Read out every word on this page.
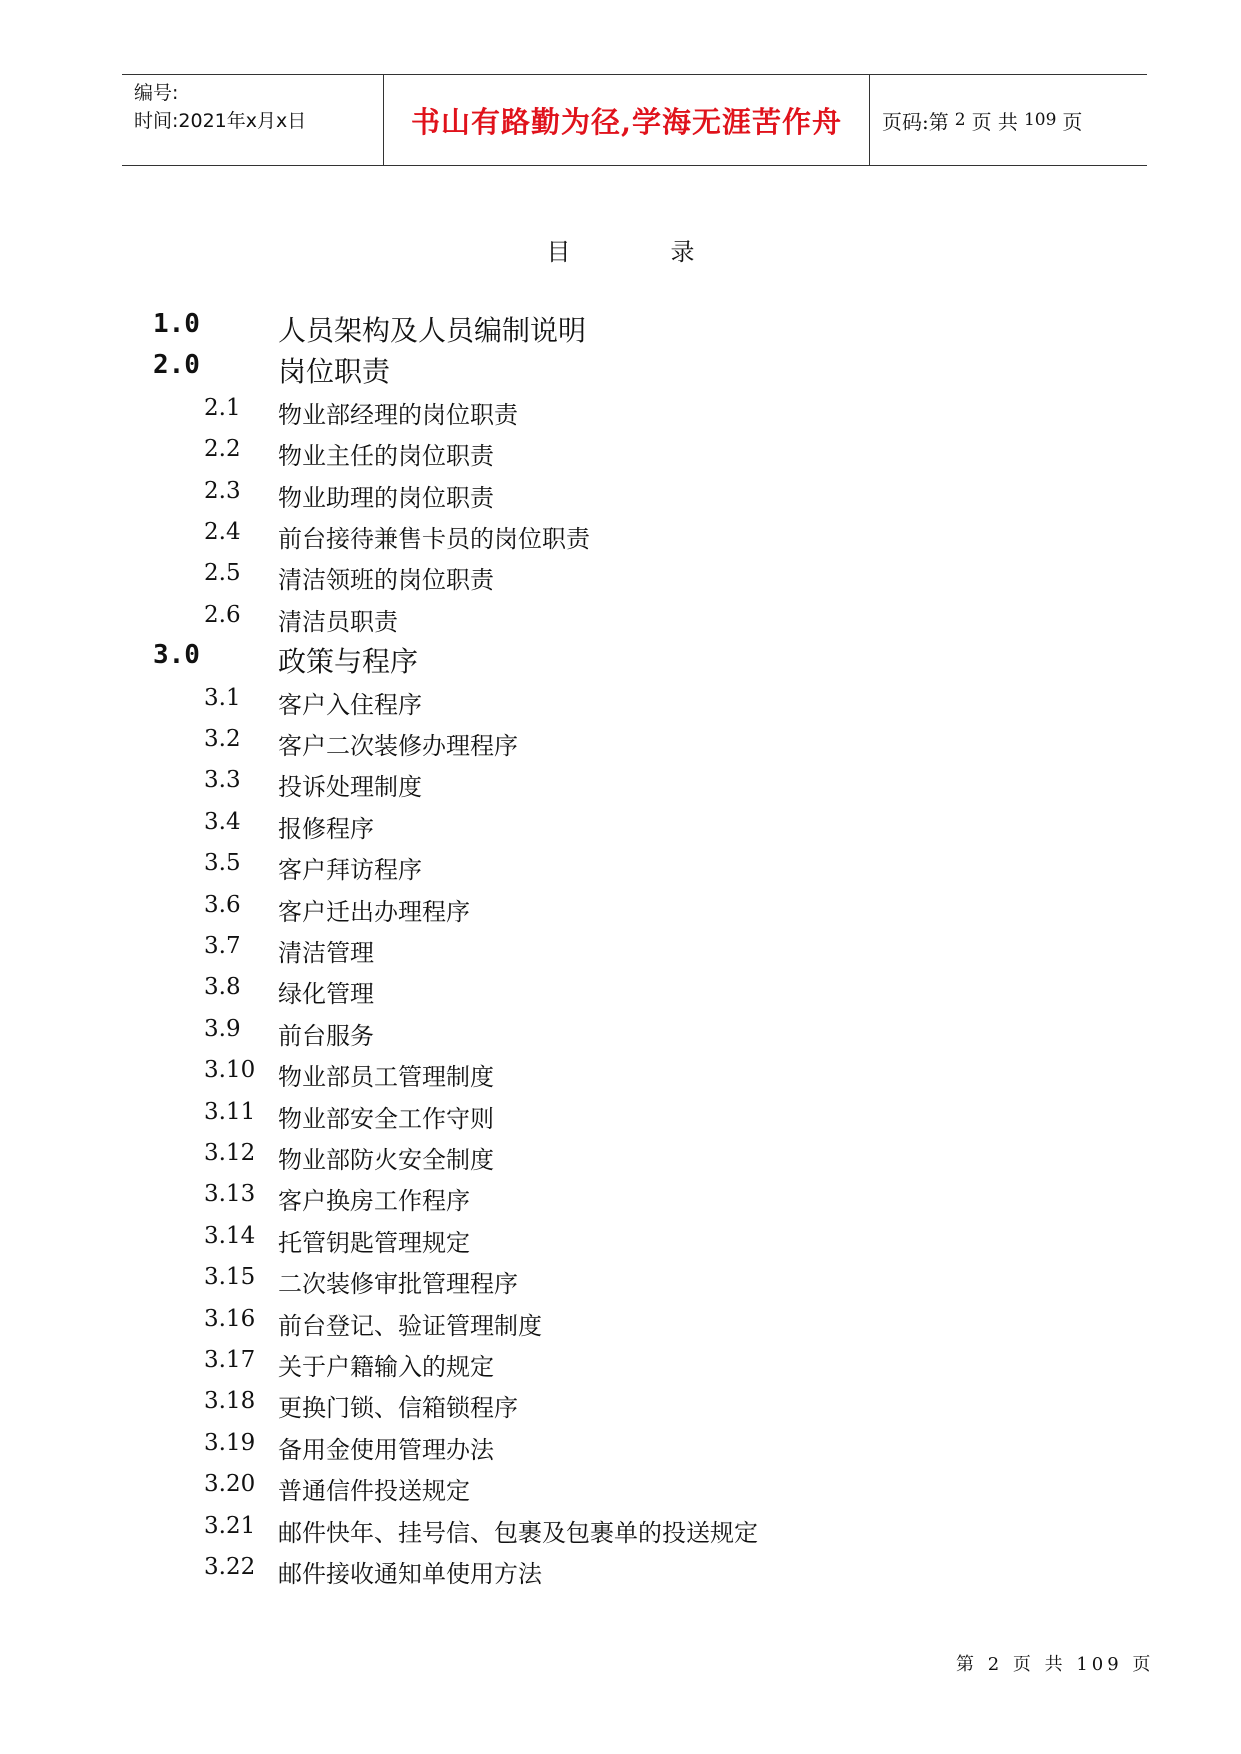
编号:
时间:2021年x月x日	书山有路勤为径,学海无涯苦作舟	页码:第 2 页 共 109 页
目	录
1.0	人员架构及人员编制说明
2.0	岗位职责
2.1 物业部经理的岗位职责
2.2 物业主任的岗位职责
2.3 物业助理的岗位职责
2.4 前台接待兼售卡员的岗位职责
2.5 清洁领班的岗位职责
2.6 清洁员职责
3.0	政策与程序
3.1 客户入住程序
3.2 客户二次装修办理程序
3.3 投诉处理制度
3.4 报修程序
3.5 客户拜访程序
3.6 客户迁出办理程序
3.7 清洁管理
3.8 绿化管理
3.9 前台服务
3.10 物业部员工管理制度
3.11 物业部安全工作守则
3.12 物业部防火安全制度
3.13 客户换房工作程序
3.14 托管钥匙管理规定
3.15 二次装修审批管理程序
3.16 前台登记、验证管理制度
3.17 关于户籍输入的规定
3.18 更换门锁、信箱锁程序
3.19 备用金使用管理办法
3.20 普通信件投送规定
3.21 邮件快年、挂号信、包裹及包裹单的投送规定
3.22 邮件接收通知单使用方法
第 2 页 共 109 页
